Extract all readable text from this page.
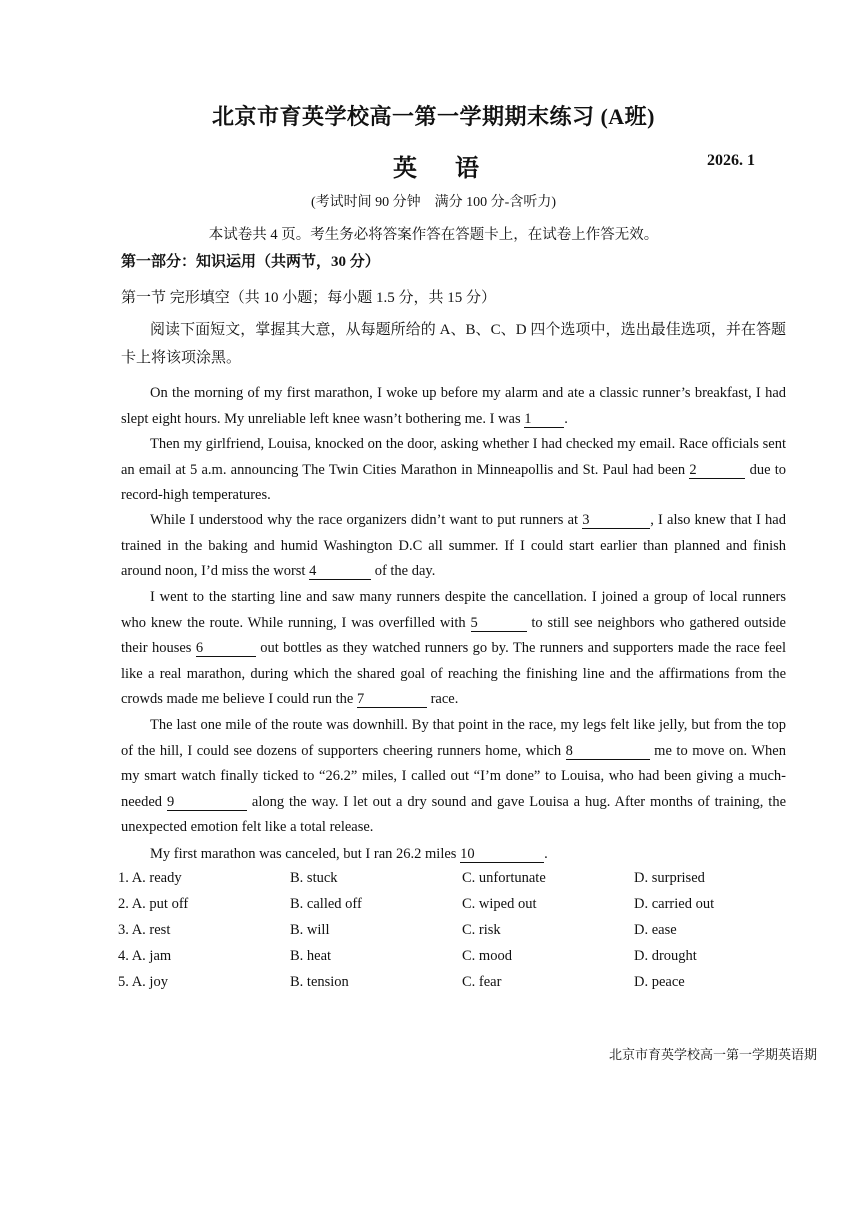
北京市育英学校高一第一学期期末练习 (A班)
英语	2026. 1
(考试时间 90 分钟　满分 100 分-含听力)
本试卷共 4 页。考生务必将答案作答在答题卡上，在试卷上作答无效。
第一部分：知识运用（共两节，30 分）
第一节 完形填空（共 10 小题；每小题 1.5 分，共 15 分）
阅读下面短文，掌握其大意，从每题所给的 A、B、C、D 四个选项中，选出最佳选项，并在答题卡上将该项涂黑。
On the morning of my first marathon, I woke up before my alarm and ate a classic runner’s breakfast, I had slept eight hours. My unreliable left knee wasn’t bothering me. I was 1 .
Then my girlfriend, Louisa, knocked on the door, asking whether I had checked my email. Race officials sent an email at 5 a.m. announcing The Twin Cities Marathon in Minneapollis and St. Paul had been 2	due to record-high temperatures.
While I understood why the race organizers didn’t want to put runners at 3	, I also knew that I had trained in the baking and humid Washington D.C all summer. If I could start earlier than planned and finish around noon, I’d miss the worst 4	of the day.
I went to the starting line and saw many runners despite the cancellation. I joined a group of local runners who knew the route. While running, I was overfilled with 5	to still see neighbors who gathered outside their houses 6	out bottles as they watched runners go by. The runners and supporters made the race feel like a real marathon, during which the shared goal of reaching the finishing line and the affirmations from the crowds made me believe I could run the 7	race.
The last one mile of the route was downhill. By that point in the race, my legs felt like jelly, but from the top of the hill, I could see dozens of supporters cheering runners home, which 8	me to move on. When my smart watch finally ticked to “26.2” miles, I called out “I’m done” to Louisa, who had been giving a much-needed 9	along the way. I let out a dry sound and gave Louisa a hug. After months of training, the unexpected emotion felt like a total release.
My first marathon was canceled, but I ran 26.2 miles 10	.
1. A. ready	B. stuck	C. unfortunate	D. surprised
2. A. put off	B. called off	C. wiped out	D. carried out
3. A. rest	B. will	C. risk	D. ease
4. A. jam	B. heat	C. mood	D. drought
5. A. joy	B. tension	C. fear	D. peace
北京市育英学校高一第一学期英语期
